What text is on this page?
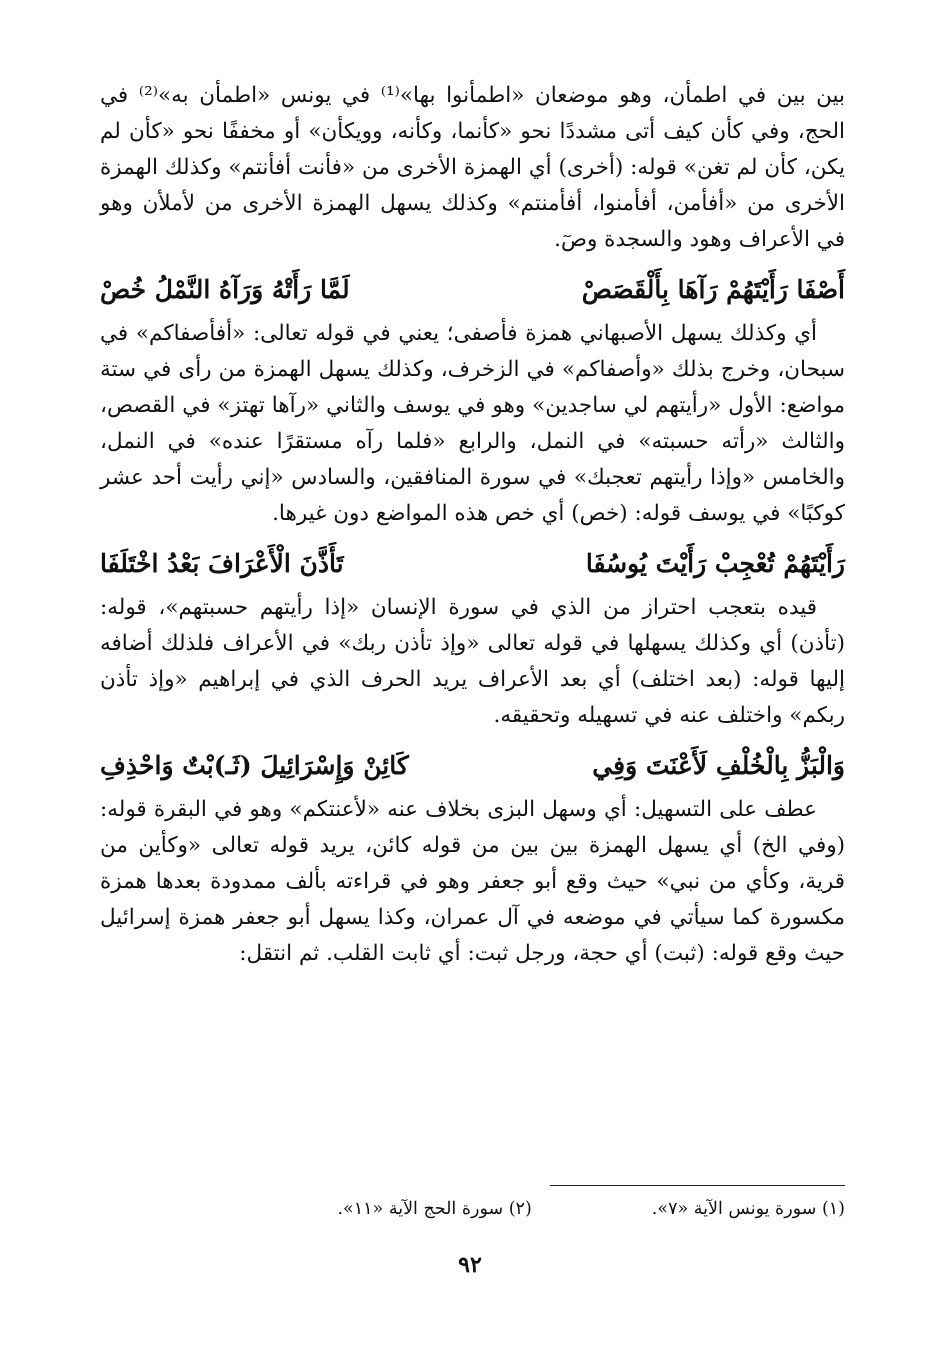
بين بين في اطمأن، وهو موضعان «اطمأنوا بها»⁽¹⁾ في يونس «اطمأن به»⁽²⁾ في الحج، وفي كأن كيف أتى مشددًا نحو «كأنما، وكأنه، وويكأن» أو مخففًا نحو «كأن لم يكن، كأن لم تغن» قوله: (أخرى) أي الهمزة الأخرى من «فأنت أفأنتم» وكذلك الهمزة الأخرى من «أفأمن، أفأمنوا، أفأمنتم» وكذلك يسهل الهمزة الأخرى من لأملأن وهو في الأعراف وهود والسجدة وصٓ.

أَصْفَا رَأَيْتَهُمْ رَآهَا بِأَلْقَصَصْ
لَمَّا رَأَتْهُ وَرَآهُ النَّمْلُ خُصْ

أي وكذلك يسهل الأصبهاني همزة فأصفى؛ يعني في قوله تعالى: «أفأصفاكم» في سبحان، وخرج بذلك «وأصفاكم» في الزخرف، وكذلك يسهل الهمزة من رأى في ستة مواضع: الأول «رأيتهم لي ساجدين» وهو في يوسف والثاني «رآها تهتز» في القصص، والثالث «رأته حسبته» في النمل، والرابع «فلما رآه مستقرًا عنده» في النمل، والخامس «وإذا رأيتهم تعجبك» في سورة المنافقين، والسادس «إني رأيت أحد عشر كوكبًا» في يوسف قوله: (خص) أي خص هذه المواضع دون غيرها.

رَأَيْتَهُمْ تُعْجِبْ رَأَيْتَ يُوسُفَا
تَأَذَّنَ الْأَعْرَافَ بَعْدُ اخْتَلَفَا

قيده بتعجب احتراز من الذي في سورة الإنسان «إذا رأيتهم حسبتهم»، قوله: (تأذن) أي وكذلك يسهلها في قوله تعالى «وإذ تأذن ربك» في الأعراف فلذلك أضافه إليها قوله: (بعد اختلف) أي بعد الأعراف يريد الحرف الذي في إبراهيم «وإذ تأذن ربكم» واختلف عنه في تسهيله وتحقيقه.

وَالْبَزُّ بِالْخُلْفِ لَأَعْنَتَ وَفِي
كَائِنْ وَإِسْرَائِيلَ (ثَـ)بْتٌ وَاحْذِفِ

عطف على التسهيل: أي وسهل البزى بخلاف عنه «لأعنتكم» وهو في البقرة قوله: (وفي الخ) أي يسهل الهمزة بين بين من قوله كائن، يريد قوله تعالى «وكأين من قرية، وكأي من نبي» حيث وقع أبو جعفر وهو في قراءته بألف ممدودة بعدها همزة مكسورة كما سيأتي في موضعه في آل عمران، وكذا يسهل أبو جعفر همزة إسرائيل حيث وقع قوله: (ثبت) أي حجة، ورجل ثبت: أي ثابت القلب. ثم انتقل:

(١) سورة يونس الآية «٧».
(٢) سورة الحج الآية «١١».
٩٢
